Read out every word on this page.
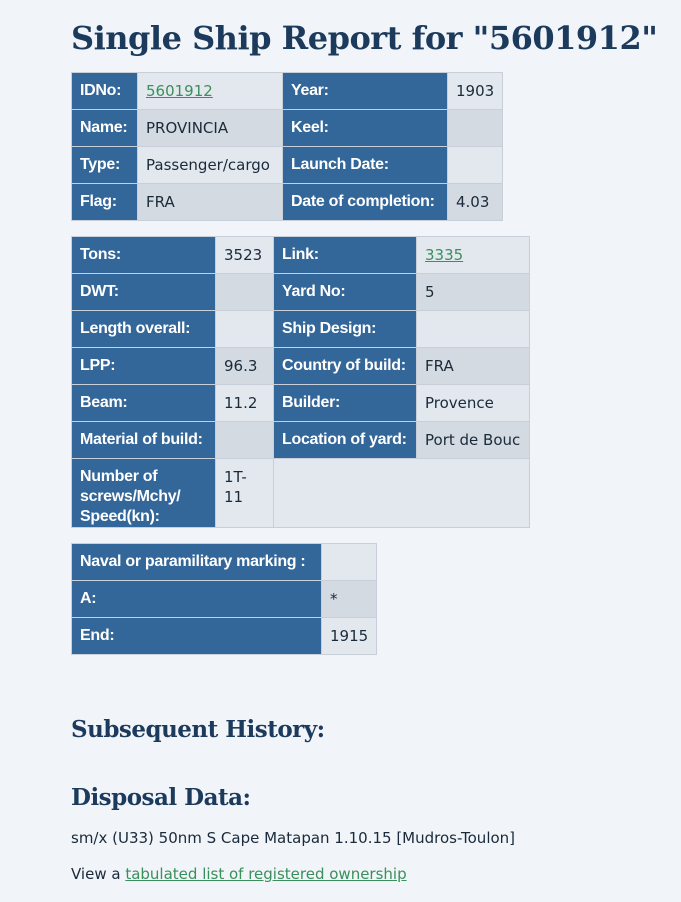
Single Ship Report for "5601912"
IDNo:	5601912	Year:	1903
Name:	PROVINCIA	Keel:	
Type:	Passenger/cargo	Launch Date:	
Flag:	FRA	Date of completion:	4.03
Tons:	3523	Link:	3335
DWT:		Yard No:	5
Length overall:		Ship Design:	
LPP:	96.3	Country of build:	FRA
Beam:	11.2	Builder:	Provence
Material of build:		Location of yard:	Port de Bouc
Number of screws/Mchy/ Speed(kn):	1T-11		
Naval or paramilitary marking :	
A:	*
End:	1915
Subsequent History:
Disposal Data:
sm/x (U33) 50nm S Cape Matapan 1.10.15 [Mudros-Toulon]
View a tabulated list of registered ownership
